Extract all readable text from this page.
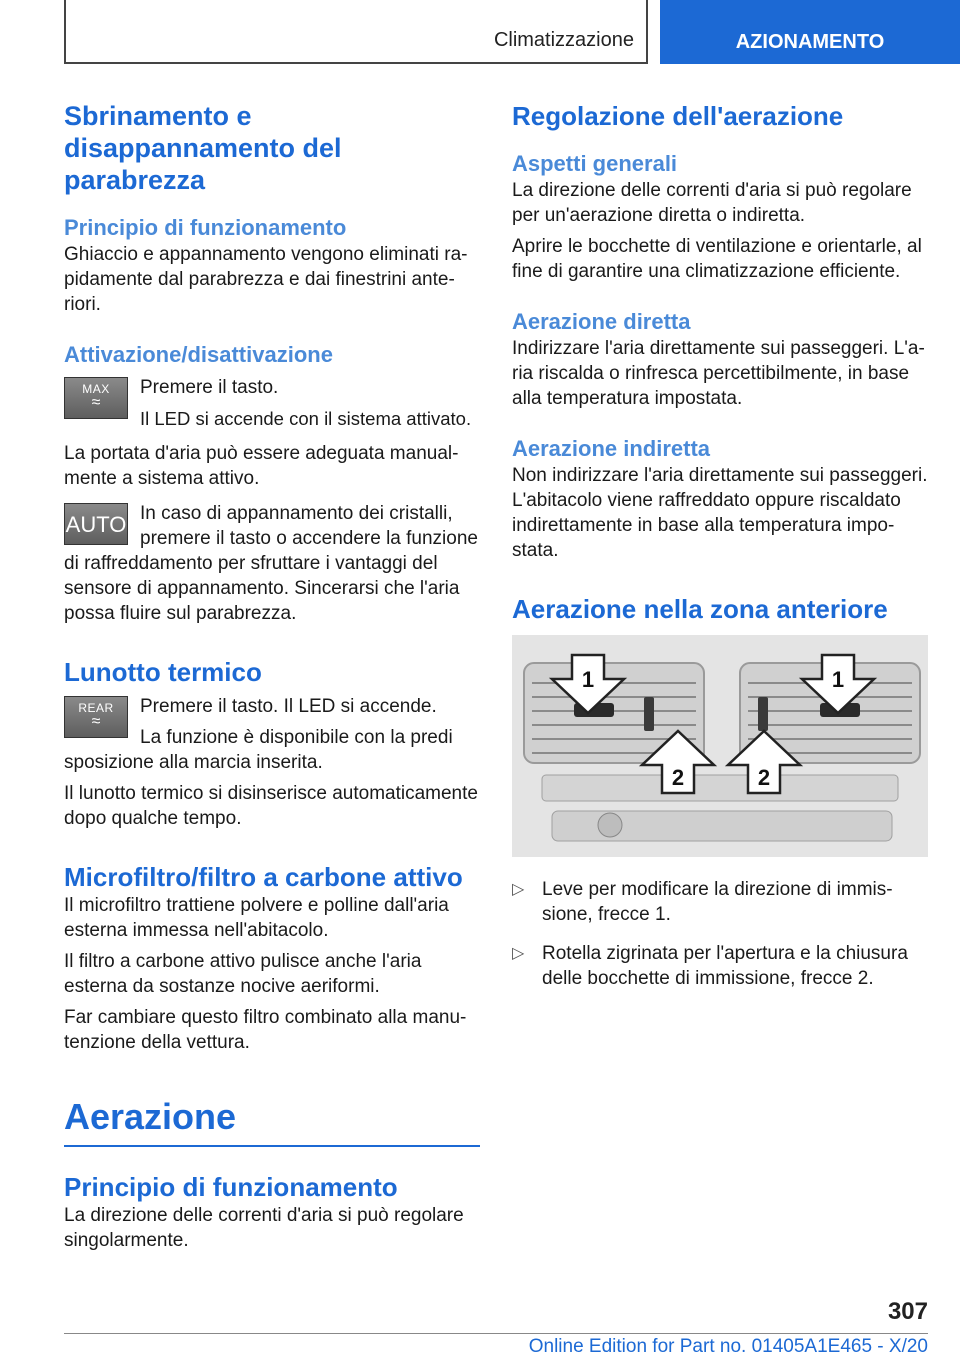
Climatizzazione	AZIONAMENTO
Sbrinamento e disappannamento del parabrezza
Principio di funzionamento

Ghiaccio e appannamento vengono eliminati rapidamente dal parabrezza e dai finestrini anteriori.

Attivazione/disattivazione
MAX
≈

Premere il tasto.

Il LED si accende con il sistema attivato.

La portata d'aria può essere adeguata manualmente a sistema attivo.

AUTO In caso di appannamento dei cristalli, premere il tasto o accendere la funzione

di raffreddamento per sfruttare i vantaggi del sensore di appannamento. Sincerarsi che l'aria possa fluire sul parabrezza.

Lunotto termico
REAR
≈

Premere il tasto. Il LED si accende.

La funzione è disponibile con la predi

sposizione alla marcia inserita.

Il lunotto termico si disinserisce automaticamente dopo qualche tempo.

Microfiltro/filtro a carbone attivo

Il microfiltro trattiene polvere e polline dall'aria esterna immessa nell'abitacolo.

Il filtro a carbone attivo pulisce anche l'aria esterna da sostanze nocive aeriformi.

Far cambiare questo filtro combinato alla manutenzione della vettura.

Aerazione
Principio di funzionamento

La direzione delle correnti d'aria si può regolare singolarmente.

Regolazione dell'aerazione
Aspetti generali

La direzione delle correnti d'aria si può regolare per un'aerazione diretta o indiretta.

Aprire le bocchette di ventilazione e orientarle, al fine di garantire una climatizzazione efficiente.

Aerazione diretta

Indirizzare l'aria direttamente sui passeggeri. L'aria riscalda o rinfresca percettibilmente, in base alla temperatura impostata.

Aerazione indiretta

Non indirizzare l'aria direttamente sui passeggeri. L'abitacolo viene raffreddato oppure riscaldato indirettamente in base alla temperatura impostata.

Aerazione nella zona anteriore
1	1
2	2
▷ Leve per modificare la direzione di immissione, frecce 1.
▷ Rotella zigrinata per l'apertura e la chiusura delle bocchette di immissione, frecce 2.
307
Online Edition for Part no. 01405A1E465 - X/20
